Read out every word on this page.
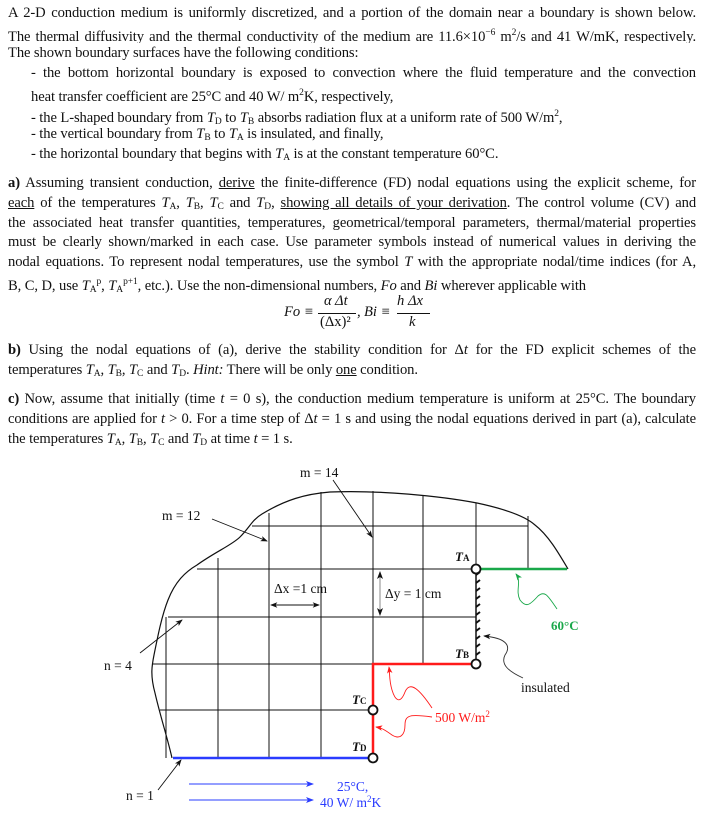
A 2-D conduction medium is uniformly discretized, and a portion of the domain near a boundary is shown below.
The thermal diffusivity and the thermal conductivity of the medium are $11.6\times 10^{-6}$ $m^2/s$ and 41 W/mK, respectively.
The shown boundary surfaces have the following conditions:
- the bottom horizontal boundary is exposed to convection where the fluid temperature and the convection
heat transfer coefficient are 25°C and 40 W/ $m^2K$, respectively,
- the L-shaped boundary from TD to TB absorbs radiation flux at a uniform rate of 500 $W/m^2$,
- the vertical boundary from TB to TA is insulated, and finally,
- the horizontal boundary that begins with TA is at the constant temperature 60°C.
a) Assuming transient conduction, derive the finite-difference (FD) nodal equations using the explicit scheme, for
each of the temperatures TA, TB, TC and TD, showing all details of your derivation. The control volume (CV) and
the associated heat transfer quantities, temperatures, geometrical/temporal parameters, thermal/material properties
must be clearly shown/marked in each case. Use parameter symbols instead of numerical values in deriving the
nodal equations. To represent nodal temperatures, use the symbol T with the appropriate nodal/time indices (for A,
B, C, D, use $TA^p$, $TA^{p+1}$, etc.). Use the non-dimensional numbers, Fo and Bi wherever applicable with
b) Using the nodal equations of (a), derive the stability condition for Δt for the FD explicit schemes of the
temperatures TA, TB, TC and TD. Hint: There will be only one condition.
c) Now, assume that initially (time t = 0 s), the conduction medium temperature is uniform at 25°C. The boundary
conditions are applied for t > 0. For a time step of Δt = 1 s and using the nodal equations derived in part (a), calculate
the temperatures TA, TB, TC and TD at time t = 1 s.
Fo ≡
α Δt
(Δx)²
, Bi ≡
h Δx
k
TA
TB
TC
TD
m = 14
m = 12
n = 4
n = 1
Δx =1 cm	Δy = 1 cm
60°C
insulated
500 $W/m^2$
25°C,
40 W/ $m^2K$
